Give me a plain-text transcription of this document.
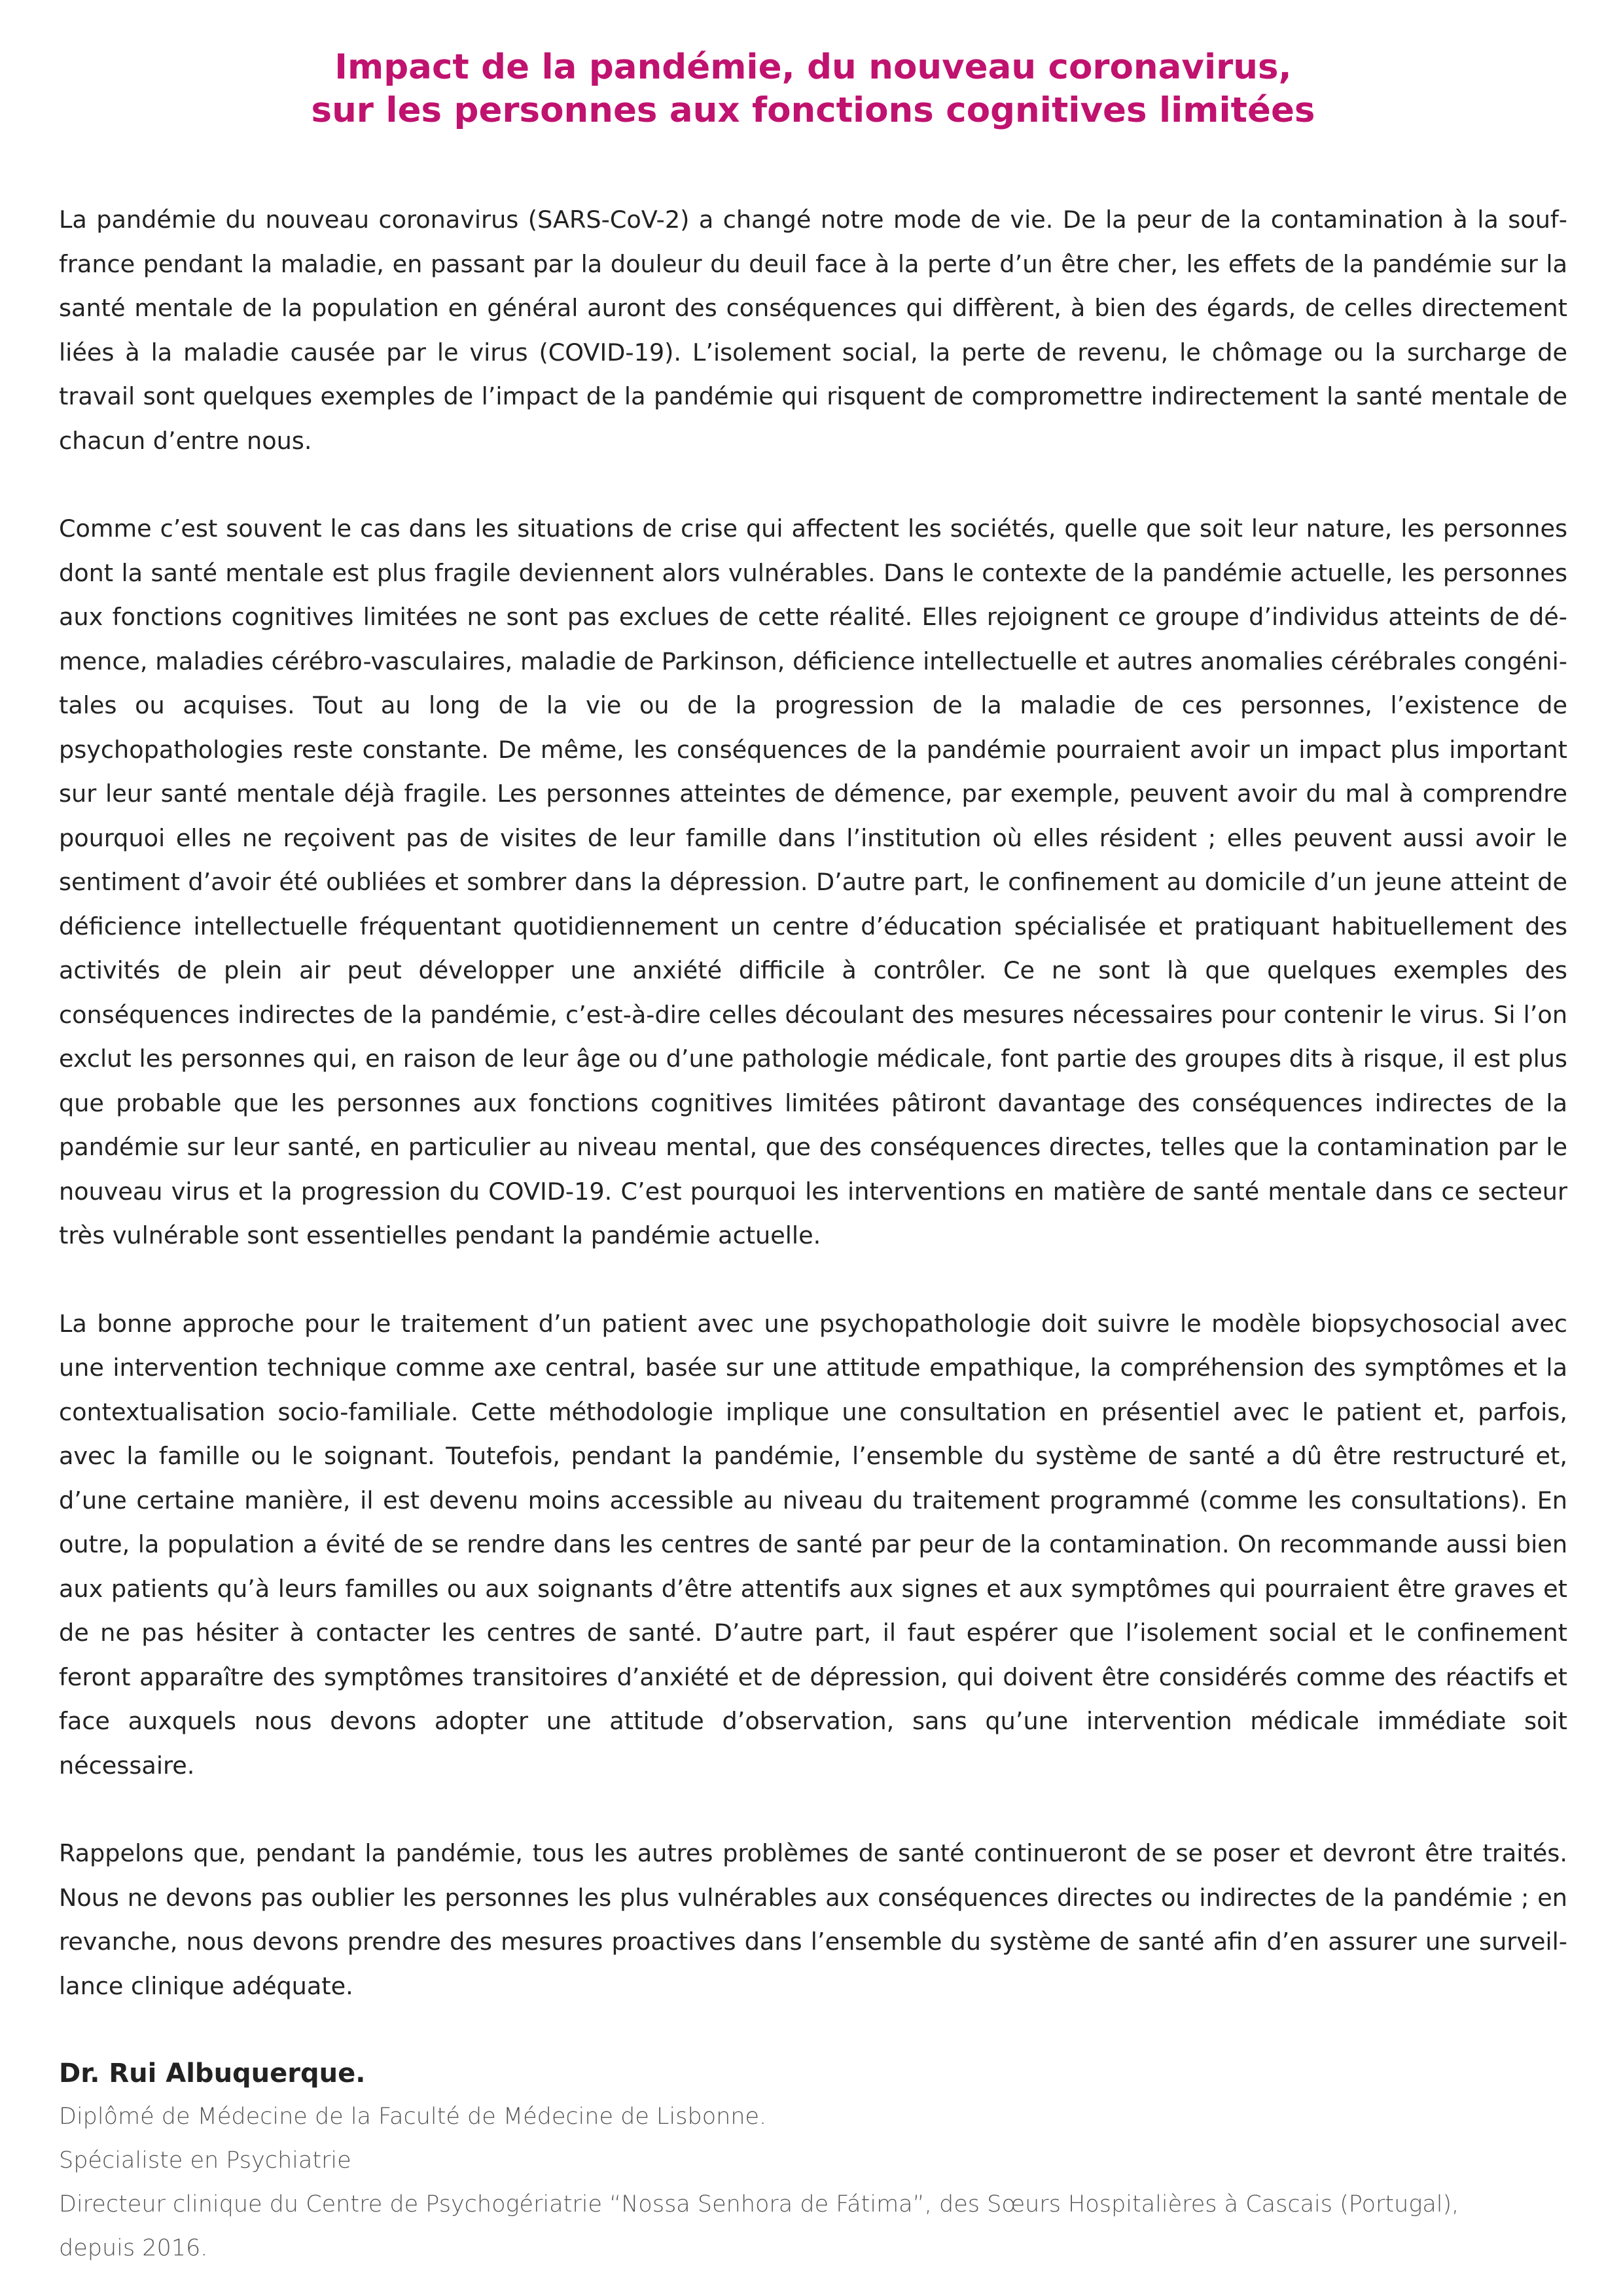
Impact de la pandémie, du nouveau coronavirus,
sur les personnes aux fonctions cognitives limitées

La pandémie du nouveau coronavirus (SARS-CoV-2) a changé notre mode de vie. De la peur de la contamination à la souffrance pendant la maladie, en passant par la douleur du deuil face à la perte d’un être cher, les effets de la pandémie sur la santé mentale de la population en général auront des conséquences qui diffèrent, à bien des égards, de celles directement liées à la maladie causée par le virus (COVID-19). L’isolement social, la perte de revenu, le chômage ou la surcharge de travail sont quelques exemples de l’impact de la pandémie qui risquent de compromettre indirectement la santé mentale de chacun d’entre nous.

Comme c’est souvent le cas dans les situations de crise qui affectent les sociétés, quelle que soit leur nature, les personnes dont la santé mentale est plus fragile deviennent alors vulnérables. Dans le contexte de la pandémie actuelle, les personnes aux fonctions cognitives limitées ne sont pas exclues de cette réalité. Elles rejoignent ce groupe d’individus atteints de démence, maladies cérébro-vasculaires, maladie de Parkinson, déficience intellectuelle et autres anomalies cérébrales congénitales ou acquises. Tout au long de la vie ou de la progression de la maladie de ces personnes, l’existence de psychopathologies reste constante. De même, les conséquences de la pandémie pourraient avoir un impact plus important sur leur santé mentale déjà fragile. Les personnes atteintes de démence, par exemple, peuvent avoir du mal à comprendre pourquoi elles ne reçoivent pas de visites de leur famille dans l’institution où elles résident ; elles peuvent aussi avoir le sentiment d’avoir été oubliées et sombrer dans la dépression. D’autre part, le confinement au domicile d’un jeune atteint de déficience intellectuelle fréquentant quotidiennement un centre d’éducation spécialisée et pratiquant habituellement des activités de plein air peut développer une anxiété difficile à contrôler. Ce ne sont là que quelques exemples des conséquences indirectes de la pandémie, c’est-à-dire celles découlant des mesures nécessaires pour contenir le virus. Si l’on exclut les personnes qui, en raison de leur âge ou d’une pathologie médicale, font partie des groupes dits à risque, il est plus que probable que les personnes aux fonctions cognitives limitées pâtiront davantage des conséquences indirectes de la pandémie sur leur santé, en particulier au niveau mental, que des conséquences directes, telles que la contamination par le nouveau virus et la progression du COVID-19. C’est pourquoi les interventions en matière de santé mentale dans ce secteur très vulnérable sont essentielles pendant la pandémie actuelle.

La bonne approche pour le traitement d’un patient avec une psychopathologie doit suivre le modèle biopsychosocial avec une intervention technique comme axe central, basée sur une attitude empathique, la compréhension des symptômes et la contextualisation socio-familiale. Cette méthodologie implique une consultation en présentiel avec le patient et, parfois, avec la famille ou le soignant. Toutefois, pendant la pandémie, l’ensemble du système de santé a dû être restructuré et, d’une certaine manière, il est devenu moins accessible au niveau du traitement programmé (comme les consultations). En outre, la population a évité de se rendre dans les centres de santé par peur de la contamination. On recommande aussi bien aux patients qu’à leurs familles ou aux soignants d’être attentifs aux signes et aux symptômes qui pourraient être graves et de ne pas hésiter à contacter les centres de santé. D’autre part, il faut espérer que l’isolement social et le confinement feront apparaître des symptômes transitoires d’anxiété et de dépression, qui doivent être considérés comme des réactifs et face auxquels nous devons adopter une attitude d’observation, sans qu’une intervention médicale immédiate soit nécessaire.

Rappelons que, pendant la pandémie, tous les autres problèmes de santé continueront de se poser et devront être traités. Nous ne devons pas oublier les personnes les plus vulnérables aux conséquences directes ou indirectes de la pandémie ; en revanche, nous devons prendre des mesures proactives dans l’ensemble du système de santé afin d’en assurer une surveillance clinique adéquate.

Dr. Rui Albuquerque.
Diplômé de Médecine de la Faculté de Médecine de Lisbonne.
Spécialiste en Psychiatrie
Directeur clinique du Centre de Psychogériatrie “Nossa Senhora de Fátima”, des Sœurs Hospitalières à Cascais (Portugal),
depuis 2016.
